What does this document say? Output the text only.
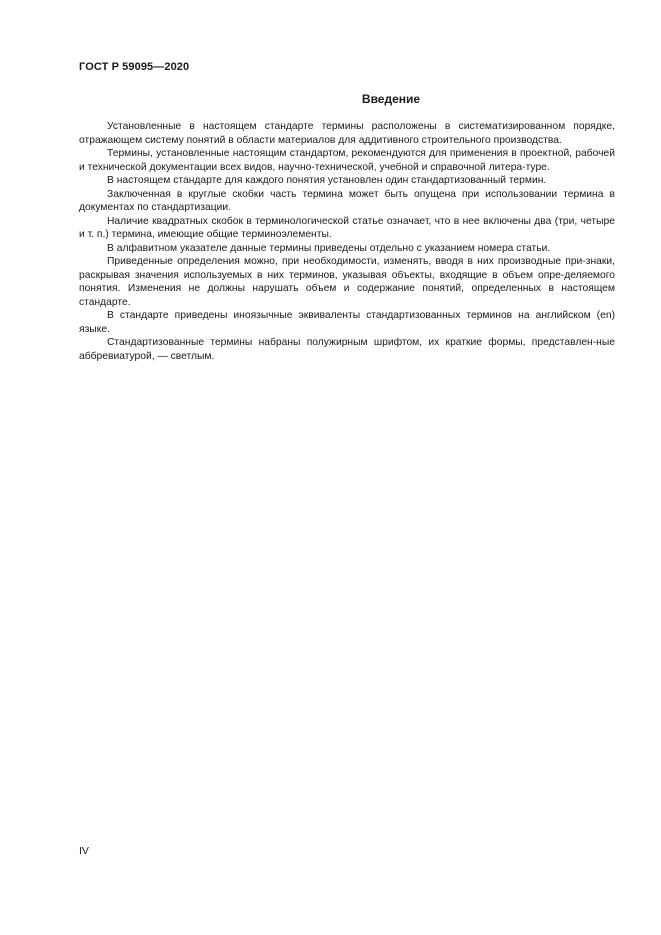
ГОСТ Р 59095—2020
Введение

Установленные в настоящем стандарте термины расположены в систематизированном порядке, отражающем систему понятий в области материалов для аддитивного строительного производства.

Термины, установленные настоящим стандартом, рекомендуются для применения в проектной, рабочей и технической документации всех видов, научно-технической, учебной и справочной литера-туре.

В настоящем стандарте для каждого понятия установлен один стандартизованный термин.

Заключенная в круглые скобки часть термина может быть опущена при использовании термина в документах по стандартизации.

Наличие квадратных скобок в терминологической статье означает, что в нее включены два (три, четыре и т. п.) термина, имеющие общие терминоэлементы.

В алфавитном указателе данные термины приведены отдельно с указанием номера статьи.

Приведенные определения можно, при необходимости, изменять, вводя в них производные при-знаки, раскрывая значения используемых в них терминов, указывая объекты, входящие в объем опре-деляемого понятия. Изменения не должны нарушать объем и содержание понятий, определенных в настоящем стандарте.

В стандарте приведены иноязычные эквиваленты стандартизованных терминов на английском (en) языке.

Стандартизованные термины набраны полужирным шрифтом, их краткие формы, представлен-ные аббревиатурой, — светлым.

IV
